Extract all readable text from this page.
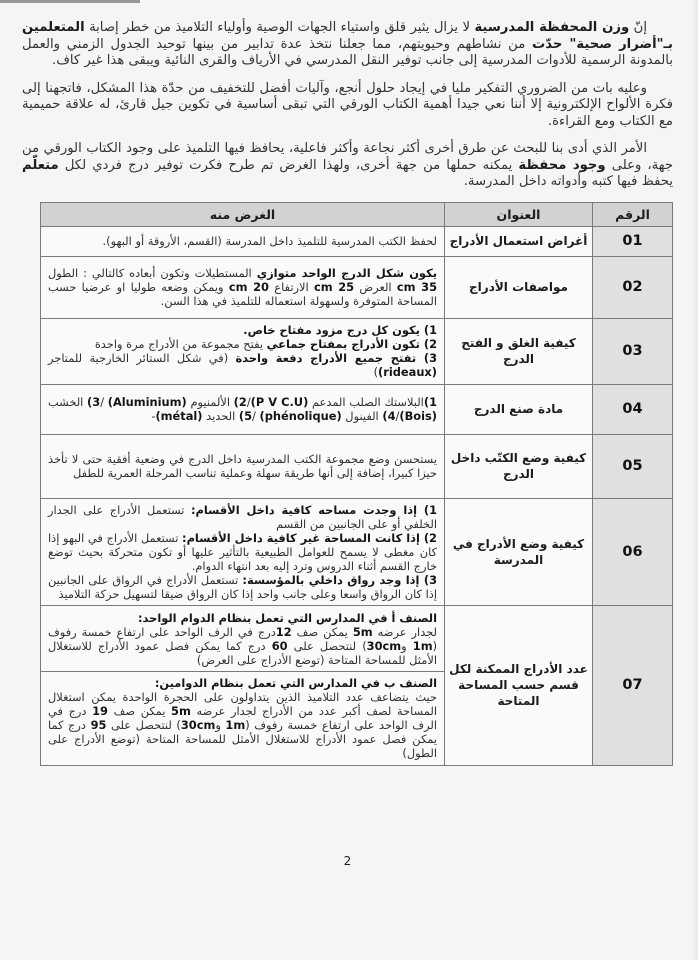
إنّ وزن المحفظة المدرسية لا يزال يثير قلق واستياء الجهات الوصية وأولياء التلاميذ من خطر إصابة المتعلمين بـ"أضرار صحية" حدّت من نشاطهم وحيويتهم، مما جعلنا نتخذ عدة تدابير من بينها توحيد الجدول الزمني والعمل بالمدونة الرسمية للأدوات المدرسية إلى جانب توفير النقل المدرسي في الأرياف والقرى النائية ويبقى هذا غير كاف.

وعليه بات من الضروري التفكير مليا في إيجاد حلول أنجع، وآليات أفضل للتخفيف من حدّة هذا المشكل، فاتجهنا إلى فكرة الألواح الإلكترونية إلا أننا نعي جيدا أهمية الكتاب الورقي التي تبقى أساسية في تكوين جيل قارئ، له علاقة حميمية مع الكتاب ومع القراءة.

الأمر الذي أدى بنا للبحث عن طرق أخرى أكثر نجاعة وأكثر فاعلية، يحافظ فيها التلميذ على وجود الكتاب الورقي من جهة، وعلى وجود محفظة يمكنه حملها من جهة أخرى، ولهذا الغرض تم طرح فكرت توفير درج فردي لكل متعلّم يحفظ فيها كتبه وأدواته داخل المدرسة.

الرقم	العنوان	الغرض منه
01	أغراض استعمال الأدراج	لحفظ الكتب المدرسية للتلميذ داخل المدرسة (القسم، الأروقة أو البهو).

02	مواصفات الأدراج	يكون شكل الدرج الواحد متوازي المستطيلات وتكون أبعاده كالتالي : الطول 35 cm العرض 25 cm الارتفاع 20 cm ويمكن وضعه طوليا او عرضيا حسب المساحة المتوفرة ولسهولة استعماله للتلميذ في هذا السن.

03	كيفية الغلق و الفتح الدرج	1) يكون كل درج مزود مفتاح خاص.
2) تكون الأدراج بمفتاح جماعي يفتح مجموعة من الأدراج مرة واحدة
3) تفتح جميع الأدراج دفعة واحدة (في شكل الستائر الخارجية للمتاجر (rideaux))

04	مادة صنع الدرج	1)البلاستك الصلب المدعم (P V C.U)/2) الألمنيوم (Aluminium) /3) الخشب (Bois)/4) الفينول (phénolique) /5) الحديد (métal)-

05	كيفية وضع الكتّب داخل الدرج	يستحسن وضع مجموعة الكتب المدرسية داخل الدرج في وضعية أفقية حتى لا تأخذ حيزا كبيرا، إضافة إلى أنها طريقة سهلة وعملية تناسب المرحلة العمرية للطفل

06	كيفية وضع الأدراج في المدرسة	1) إذا وجدت مساحه كافية داخل الأقسام: تستعمل الأدراج على الجدار الخلفي أو على الجانبين من القسم
2) إذا كانت المساحة غير كافية داخل الأقسام: تستعمل الأدراج في البهو إذا كان مغطى لا يسمح للعوامل الطبيعية بالتأثير عليها أو تكون متحركة بحيث توضع خارج القسم أثناء الدروس وترد إليه بعد انتهاء الدوام.
3) إذا وجد رواق داخلي بالمؤسسة: تستعمل الأدراج في الرواق على الجانبين إذا كان الرواق واسعا وعلى جانب واحد إذا كان الرواق ضيقا لتسهيل حركة التلاميذ

07	عدد الأدراج الممكنة لكل قسم حسب المساحة المتاحة	الصنف أ في المدارس التي تعمل بنظام الدوام الواحد:
لجدار عرضه 5m يمكن صف 12درج في الرف الواحد على ارتفاع خمسة رفوف (1m و30cm) لنتحصل على 60 درج كما يمكن فصل عمود الأدراج للاستغلال الأمثل للمساحة المتاحة (توضع الأدراج على العرض)
الصنف ب في المدارس التي تعمل بنظام الدوامين:
حيث يتضاعف عدد التلاميذ الذين يتداولون على الحجرة الواحدة يمكن استغلال المساحة لصف أكبر عدد من الأدراج لجدار عرضه 5m يمكن صف 19 درج في الرف الواحد على ارتفاع خمسة رفوف (1m و30cm) لنتحصل على 95 درج كما يمكن فصل عمود الأدراج للاستغلال الأمثل للمساحة المتاحة (توضع الأدراج على الطول)
2
